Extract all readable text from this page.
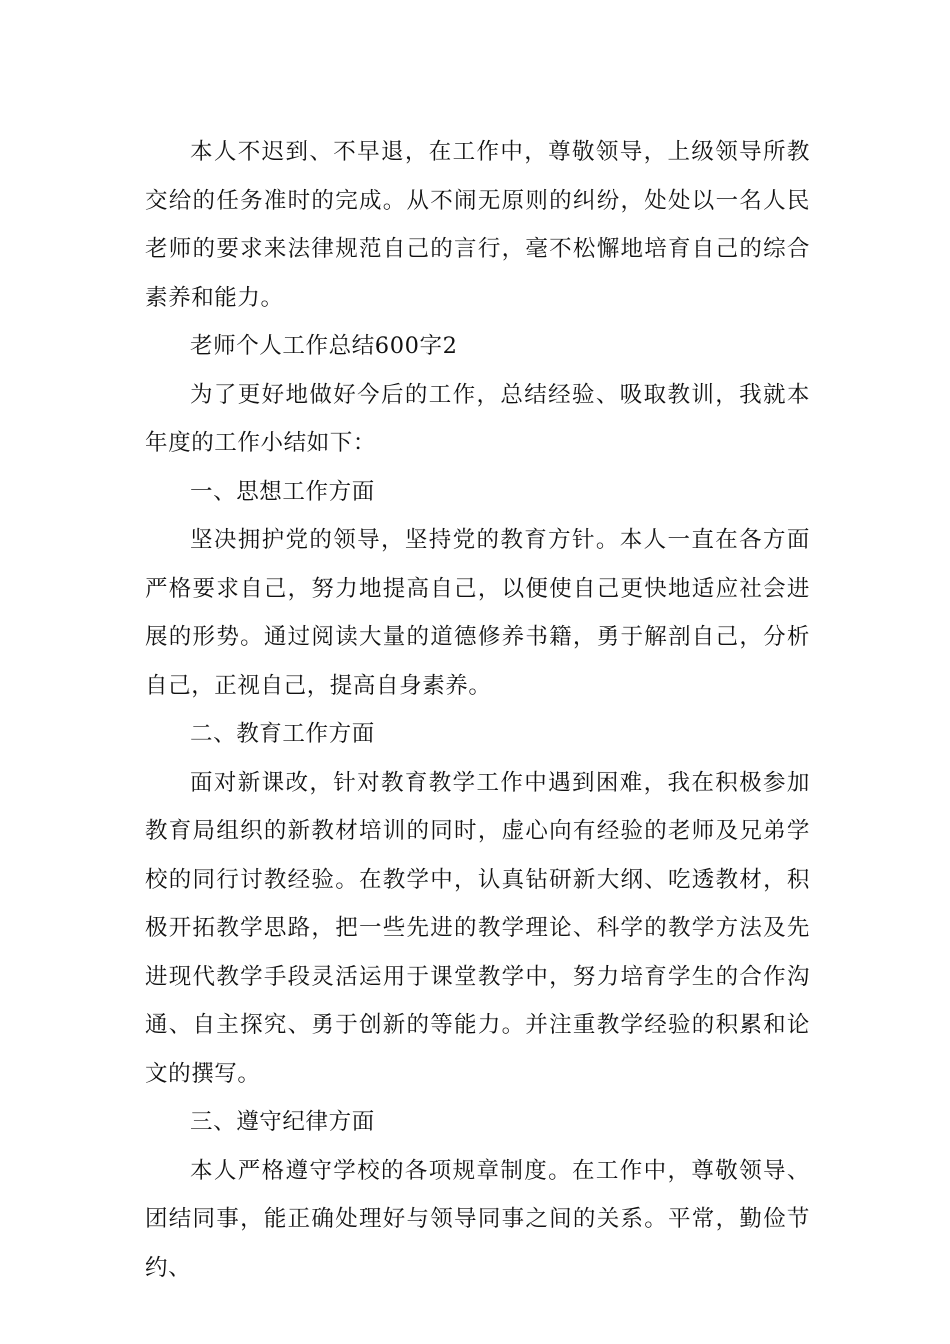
本人不迟到、不早退，在工作中，尊敬领导，上级领导所教交给的任务准时的完成。从不闹无原则的纠纷，处处以一名人民老师的要求来法律规范自己的言行，毫不松懈地培育自己的综合素养和能力。

老师个人工作总结600字2

为了更好地做好今后的工作，总结经验、吸取教训，我就本年度的工作小结如下：

一、思想工作方面

坚决拥护党的领导，坚持党的教育方针。本人一直在各方面严格要求自己，努力地提高自己，以便使自己更快地适应社会进展的形势。通过阅读大量的道德修养书籍，勇于解剖自己，分析自己，正视自己，提高自身素养。

二、教育工作方面

面对新课改，针对教育教学工作中遇到困难，我在积极参加教育局组织的新教材培训的同时，虚心向有经验的老师及兄弟学校的同行讨教经验。在教学中，认真钻研新大纲、吃透教材，积极开拓教学思路，把一些先进的教学理论、科学的教学方法及先进现代教学手段灵活运用于课堂教学中，努力培育学生的合作沟通、自主探究、勇于创新的等能力。并注重教学经验的积累和论文的撰写。

三、遵守纪律方面

本人严格遵守学校的各项规章制度。在工作中，尊敬领导、团结同事，能正确处理好与领导同事之间的关系。平常，勤俭节约、
